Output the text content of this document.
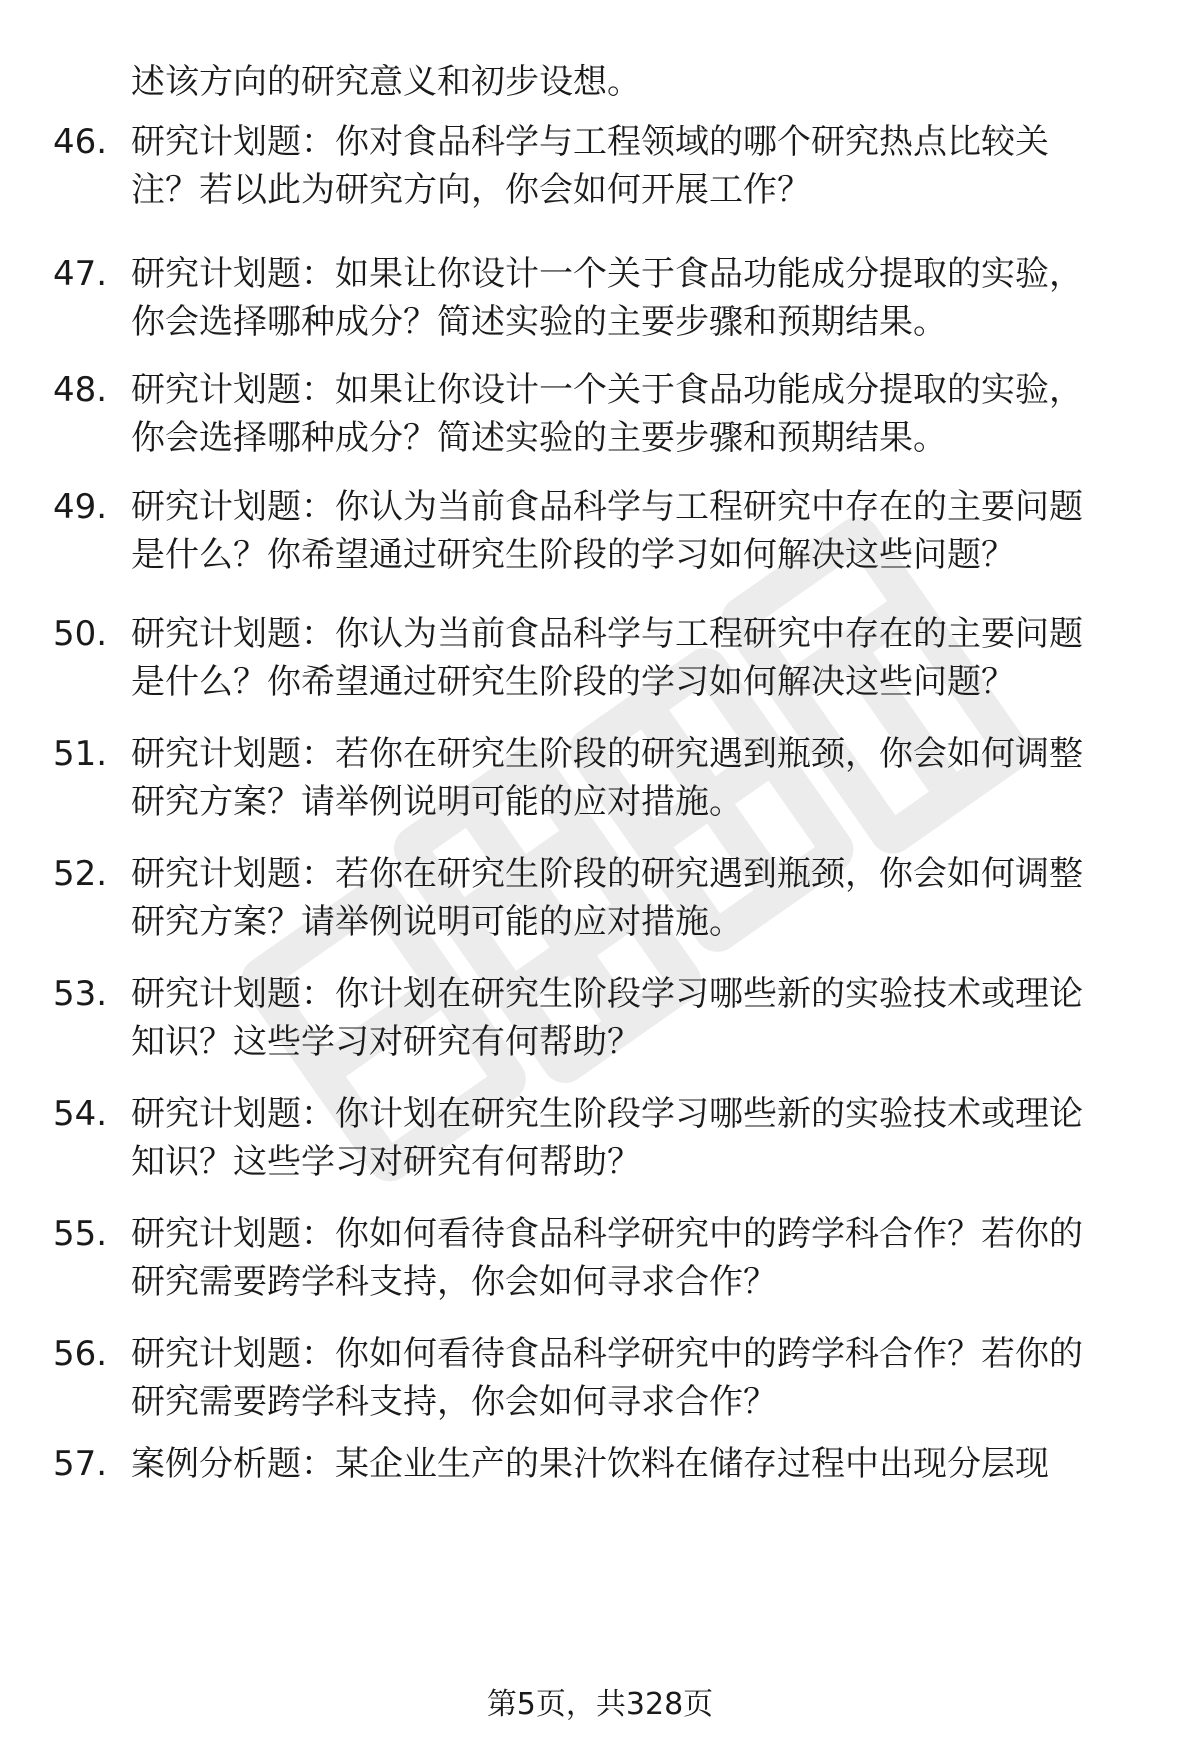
述该方向的研究意义和初步设想。
46. 研究计划题：你对食品科学与工程领域的哪个研究热点比较关
注？若以此为研究方向，你会如何开展工作？
47. 研究计划题：如果让你设计一个关于食品功能成分提取的实验，
你会选择哪种成分？简述实验的主要步骤和预期结果。
48. 研究计划题：如果让你设计一个关于食品功能成分提取的实验，
你会选择哪种成分？简述实验的主要步骤和预期结果。
49. 研究计划题：你认为当前食品科学与工程研究中存在的主要问题
是什么？你希望通过研究生阶段的学习如何解决这些问题？
50. 研究计划题：你认为当前食品科学与工程研究中存在的主要问题
是什么？你希望通过研究生阶段的学习如何解决这些问题？
51. 研究计划题：若你在研究生阶段的研究遇到瓶颈，你会如何调整
研究方案？请举例说明可能的应对措施。
52. 研究计划题：若你在研究生阶段的研究遇到瓶颈，你会如何调整
研究方案？请举例说明可能的应对措施。
53. 研究计划题：你计划在研究生阶段学习哪些新的实验技术或理论
知识？这些学习对研究有何帮助？
54. 研究计划题：你计划在研究生阶段学习哪些新的实验技术或理论
知识？这些学习对研究有何帮助？
55. 研究计划题：你如何看待食品科学研究中的跨学科合作？若你的
研究需要跨学科支持，你会如何寻求合作？
56. 研究计划题：你如何看待食品科学研究中的跨学科合作？若你的
研究需要跨学科支持，你会如何寻求合作？
57. 案例分析题：某企业生产的果汁饮料在储存过程中出现分层现
第5页，共328页
